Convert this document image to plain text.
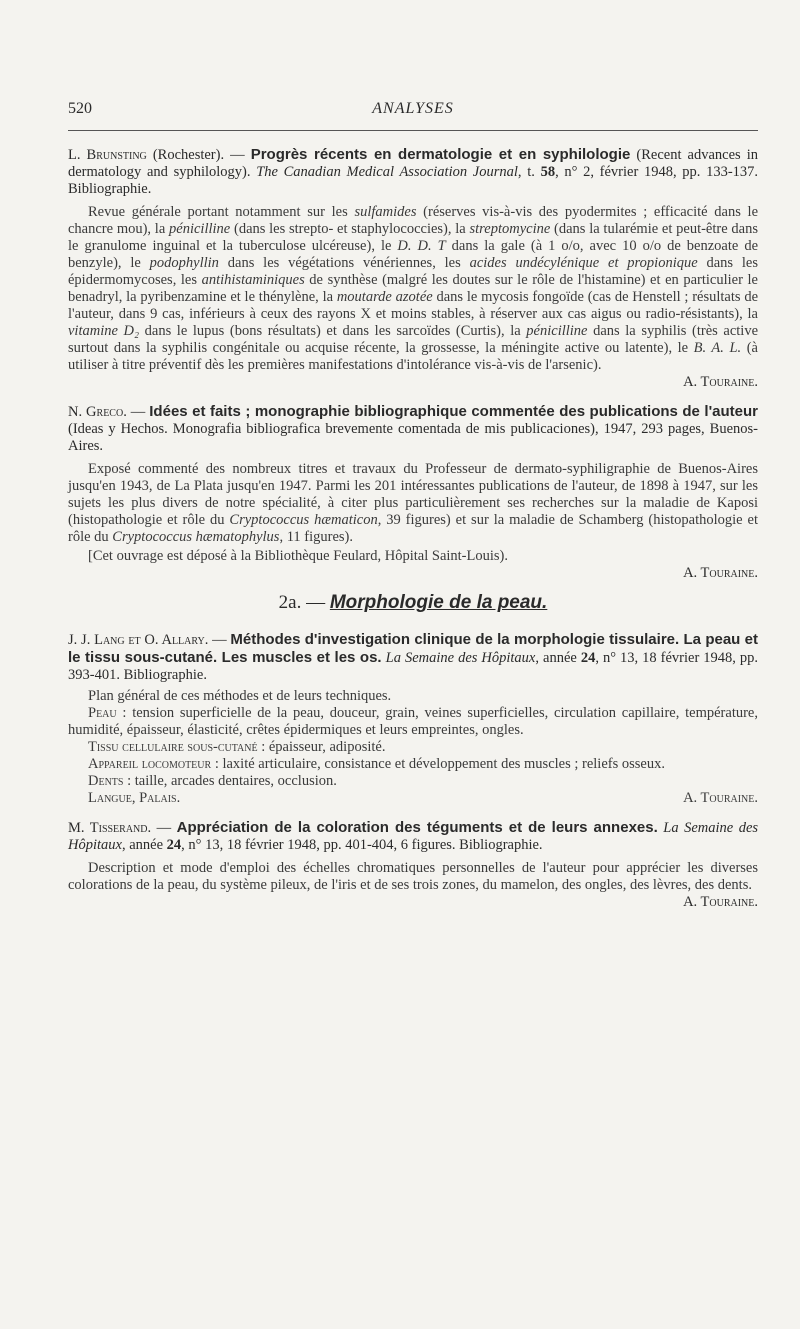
520	ANALYSES

L. Brunsting (Rochester). — Progrès récents en dermatologie et en syphilologie (Recent advances in dermatology and syphilology). The Canadian Medical Association Journal, t. 58, n° 2, février 1948, pp. 133-137. Bibliographie.

Revue générale portant notamment sur les sulfamides (réserves vis-à-vis des pyodermites ; efficacité dans le chancre mou), la pénicilline (dans les strepto- et staphylococcies), la streptomycine (dans la tularémie et peut-être dans le granulome inguinal et la tuberculose ulcéreuse), le D. D. T dans la gale (à 1 o/o, avec 10 o/o de benzoate de benzyle), le podophyllin dans les végétations vénériennes, les acides undécylénique et propionique dans les épidermomycoses, les antihistaminiques de synthèse (malgré les doutes sur le rôle de l'histamine) et en particulier le benadryl, la pyribenzamine et le thénylène, la moutarde azotée dans le mycosis fongoïde (cas de Henstell ; résultats de l'auteur, dans 9 cas, inférieurs à ceux des rayons X et moins stables, à réserver aux cas aigus ou radio-résistants), la vitamine D₂ dans le lupus (bons résultats) et dans les sarcoïdes (Curtis), la pénicilline dans la syphilis (très active surtout dans la syphilis congénitale ou acquise récente, la grossesse, la méningite active ou latente), le B. A. L. (à utiliser à titre préventif dès les premières manifestations d'intolérance vis-à-vis de l'arsenic).

A. Touraine.

N. Greco. — Idées et faits ; monographie bibliographique commentée des publications de l'auteur (Ideas y Hechos. Monografia bibliografica brevemente comentada de mis publicaciones), 1947, 293 pages, Buenos-Aires.

Exposé commenté des nombreux titres et travaux du Professeur de dermato-syphiligraphie de Buenos-Aires jusqu'en 1943, de La Plata jusqu'en 1947. Parmi les 201 intéressantes publications de l'auteur, de 1898 à 1947, sur les sujets les plus divers de notre spécialité, à citer plus particulièrement ses recherches sur la maladie de Kaposi (histopathologie et rôle du Cryptococcus hæmaticon, 39 figures) et sur la maladie de Schamberg (histopathologie et rôle du Cryptococcus hæmatophylus, 11 figures).

[Cet ouvrage est déposé à la Bibliothèque Feulard, Hôpital Saint-Louis).

A. Touraine.

2a. — Morphologie de la peau.

J. J. Lang et O. Allary. — Méthodes d'investigation clinique de la morphologie tissulaire. La peau et le tissu sous-cutané. Les muscles et les os. La Semaine des Hôpitaux, année 24, n° 13, 18 février 1948, pp. 393-401. Bibliographie.

Plan général de ces méthodes et de leurs techniques.

Peau : tension superficielle de la peau, douceur, grain, veines superficielles, circulation capillaire, température, humidité, épaisseur, élasticité, crêtes épidermiques et leurs empreintes, ongles.

Tissu cellulaire sous-cutané : épaisseur, adiposité.

Appareil locomoteur : laxité articulaire, consistance et développement des muscles ; reliefs osseux.

Dents : taille, arcades dentaires, occlusion.

Langue, Palais.	A. Touraine.

M. Tisserand. — Appréciation de la coloration des téguments et de leurs annexes. La Semaine des Hôpitaux, année 24, n° 13, 18 février 1948, pp. 401-404, 6 figures. Bibliographie.

Description et mode d'emploi des échelles chromatiques personnelles de l'auteur pour apprécier les diverses colorations de la peau, du système pileux, de l'iris et de ses trois zones, du mamelon, des ongles, des lèvres, des dents.

A. Touraine.
